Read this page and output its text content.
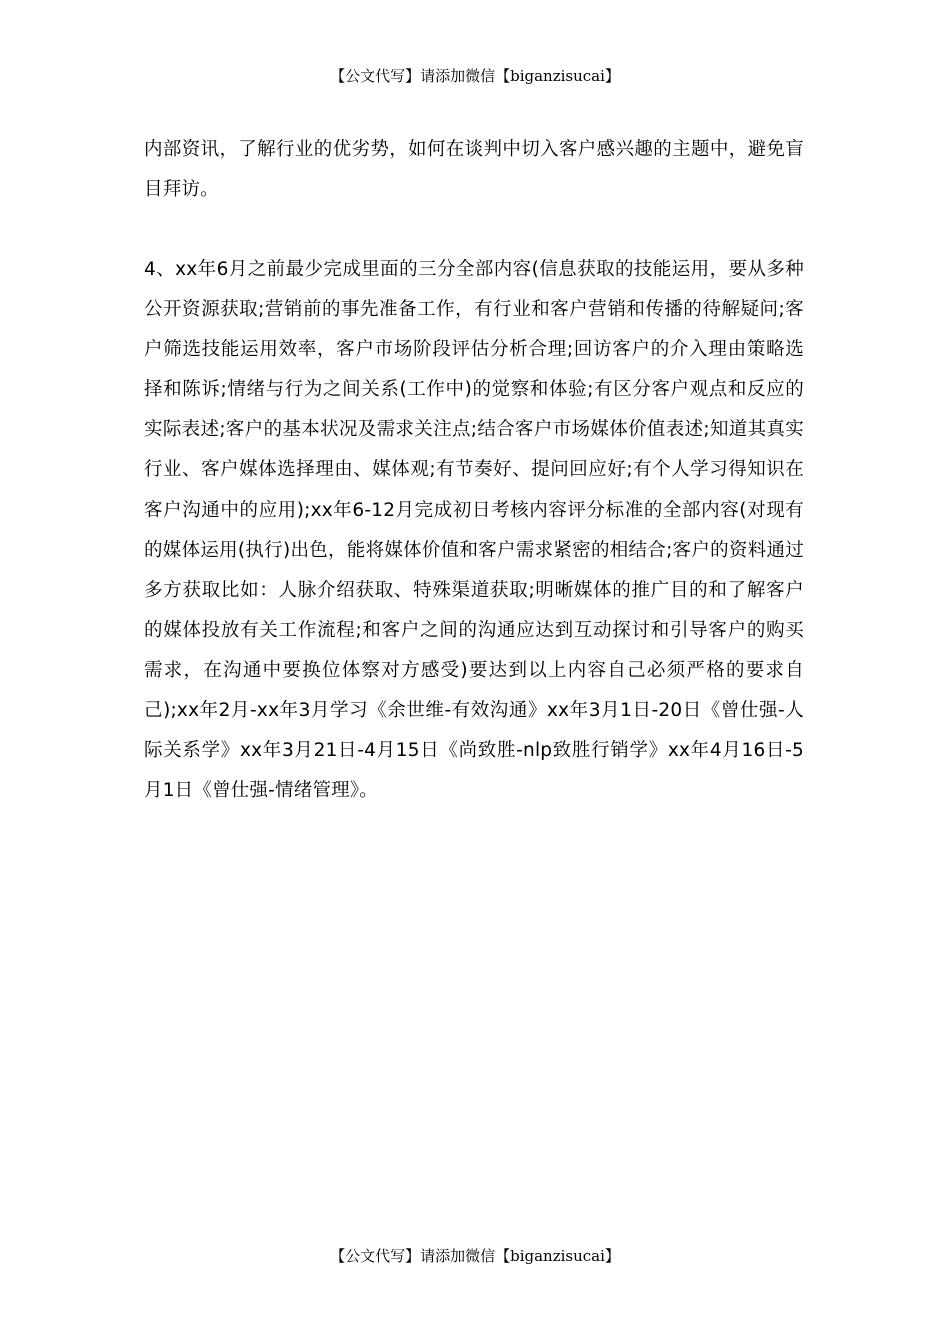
【公文代写】请添加微信【biganzisucai】

内部资讯，了解行业的优劣势，如何在谈判中切入客户感兴趣的主题中，避免盲目拜访。

4、xx年6月之前最少完成里面的三分全部内容(信息获取的技能运用，要从多种公开资源获取;营销前的事先准备工作，有行业和客户营销和传播的待解疑问;客户筛选技能运用效率，客户市场阶段评估分析合理;回访客户的介入理由策略选择和陈诉;情绪与行为之间关系(工作中)的觉察和体验;有区分客户观点和反应的实际表述;客户的基本状况及需求关注点;结合客户市场媒体价值表述;知道其真实行业、客户媒体选择理由、媒体观;有节奏好、提问回应好;有个人学习得知识在客户沟通中的应用);xx年6-12月完成初日考核内容评分标准的全部内容(对现有的媒体运用(执行)出色，能将媒体价值和客户需求紧密的相结合;客户的资料通过多方获取比如：人脉介绍获取、特殊渠道获取;明晰媒体的推广目的和了解客户的媒体投放有关工作流程;和客户之间的沟通应达到互动探讨和引导客户的购买需求，在沟通中要换位体察对方感受)要达到以上内容自己必须严格的要求自己);xx年2月-xx年3月学习《余世维-有效沟通》xx年3月1日-20日《曾仕强-人际关系学》xx年3月21日-4月15日《尚致胜-nlp致胜行销学》xx年4月16日-5月1日《曾仕强-情绪管理》。

【公文代写】请添加微信【biganzisucai】
